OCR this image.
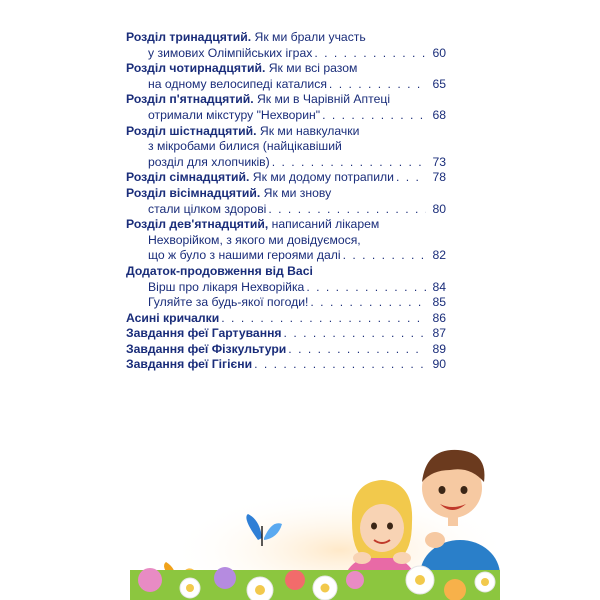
Розділ тринадцятий. Як ми брали участь
у зимових Олімпійських іграх . . .	60
Розділ чотирнадцятий. Як ми всі разом
на одному велосипеді каталися . . .	65
Розділ п'ятнадцятий. Як ми в Чарівній Аптеці
отримали мікстуру "Нехворин" . . .	68
Розділ шістнадцятий. Як ми навкулачки
з мікробами билися (найцікавіший
розділ для хлопчиків) . . .	73
Розділ сімнадцятий. Як ми додому потрапили . . .	78
Розділ вісімнадцятий. Як ми знову
стали цілком здорові . . .	80
Розділ дев'ятнадцятий, написаний лікарем
Нехворійком, з якого ми довідуємося,
що ж було з нашими героями далі . . .	82
Додаток-продовження від Васі
Вірш про лікаря Нехворійка . . .	84
Гуляйте за будь-якої погоди! . . .	85
Асині кричалки . . .	86
Завдання феї Гартування . . .	87
Завдання феї Фізкультури . . .	89
Завдання феї Гігієни . . .	90
